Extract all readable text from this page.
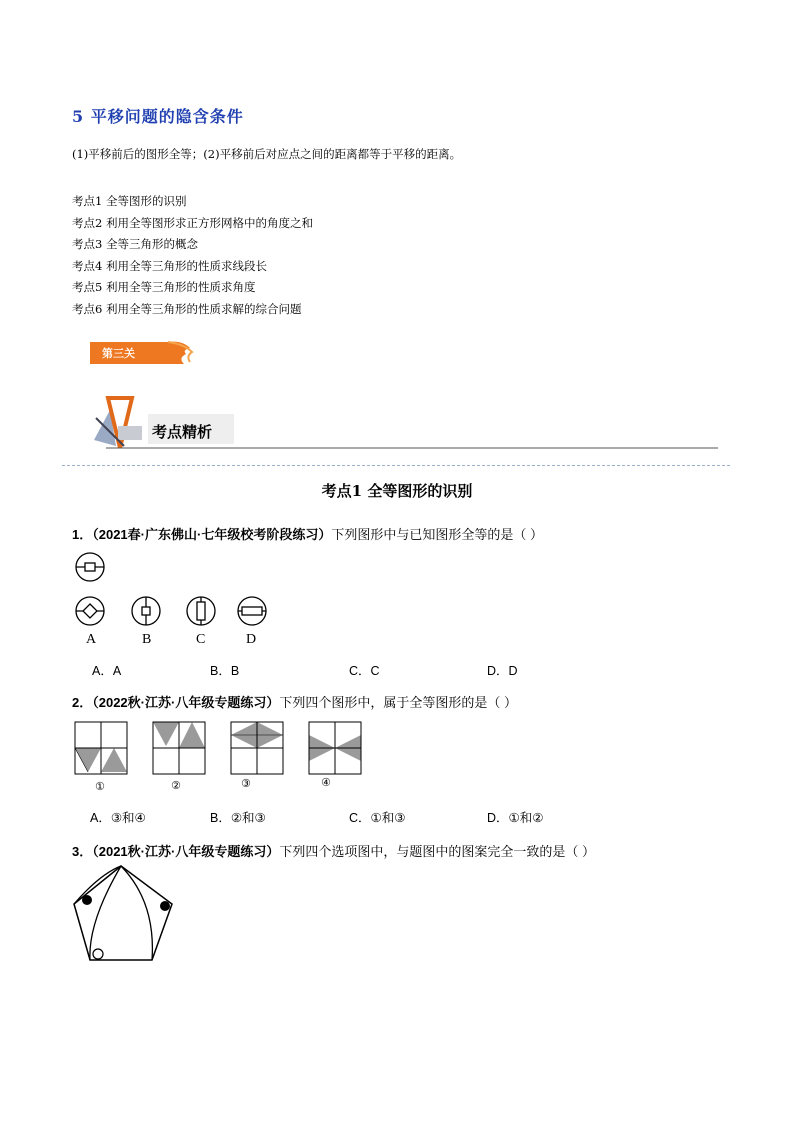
5 平移问题的隐含条件
(1)平移前后的图形全等；(2)平移前后对应点之间的距离都等于平移的距离。
考点1 全等图形的识别
考点2 利用全等图形求正方形网格中的角度之和
考点3 全等三角形的概念
考点4 利用全等三角形的性质求线段长
考点5 利用全等三角形的性质求角度
考点6 利用全等三角形的性质求解的综合问题
第三关
考点精析
考点1 全等图形的识别
1．（2021春·广东佛山·七年级校考阶段练习）下列图形中与已知图形全等的是（ ）
A	B	C	D
A．A	B．B	C．C	D．D
2．（2022秋·江苏·八年级专题练习）下列四个图形中，属于全等图形的是（ ）
①	②	③	④
A．③和④	B．②和③	C．①和③	D．①和②
3．（2021秋·江苏·八年级专题练习）下列四个选项图中，与题图中的图案完全一致的是（ ）
